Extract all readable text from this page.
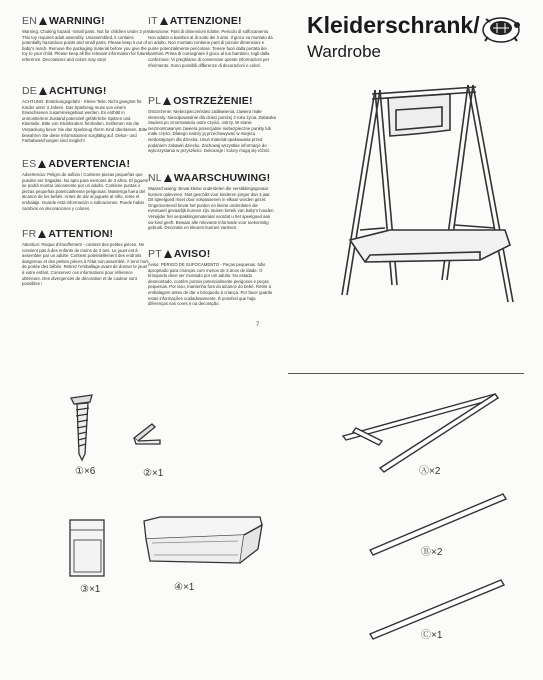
EN WARNING!
Warning: Choking hazard -Small parts. Not for children under 3 yrs. This toy requires adult assembly. Unassembled, it contains potentially hazardous points and small parts. Please keep it out of baby's reach. Remove the packaging material before you give the toy to your child. Please keep all the relevant information for future reference. Decorations and colors may vary!
IT ATTENZIONE!
Attenzione: Parti di dimensioni ridotte. Pericolo di soffocamento. Non adatto a bambini al di sotto dei 3 anni. Il gioco va montato da un adulto. Non montato contiene parti di piccole dimensioni e punte potenzialmente pericolose. Tenere fuori dalla portata dei bambini. Prima di consegnare il gioco al tuo bambino, togli dalla confezione. Vi preghiamo di conservare queste informazioni per riferimento. Sono possibili differenze di decorazioni e colori.
DE ACHTUNG!
ACHTUNG: Erstickungsgefahr - Kleine Teile. Nicht geeignet für Kinder unter 3 Jahren. Das Spielzeug muss von einem Erwachsenen zusammengebaut werden. Es enthält in unmontiertem Zustand potenziell gefährliche Spitzen und Kleinteile. Bitte von Kleinkindern fernhalten. Entfernen Sie die Verpackung bevor Sie das Spielzeug Ihrem Kind überlassen. Bitte bewahren Sie diese Informationen sorgfältig auf. Dekor- und Farbabweichungen sind möglich!
PL OSTRZEŻENIE!
Ostrzeżenie: Niebezpieczeństwo zadławienia, zawiera małe elementy. Nieodpowiednie dla dzieci poniżej 3 roku życia. Zabawka zawiera po zmontowaniu ostre części, ostrzy. W stanie niezmontowanym zawiera potencjalnie niebezpieczne punkty lub małe części. Dlatego należy ją przechowywać w miejscu niedostępnym dla dziecka. Usuń materiał opakowania przed podaniem zabawki dziecku. Zachowaj wszystkie informacje do wykorzystania w przyszłości. Dekoracje i kolory mogą się różnić.
ES ADVERTENCIA!
Advertencia: Peligro de asfixia / Contiene piezas pequeñas que pueden ser tragadas. No apto para menores de 3 años. El juguete se podrá montar únicamente por un adulto. Contiene puntas o piezas pequeñas potencialmente peligrosas. Mantenga fuera del alcance de los bebés. Antes de dar al juguete al niño, retire el embalaje. Guarde esta información o indicaciones. Puede haber cambios en decoraciones y colores.
NL WAARSCHUWING!
Waarschuwing: Bevat kleine onderdelen die verstikkingsgevaar kunnen opleveren. Niet geschikt voor kinderen jonger dan 3 jaar. Dit speelgoed moet door volwassenen in elkaar worden gezet. Ongemonteerd bevat het punten en kleine onderdelen die eventueel gevaarlijk kunnen zijn. Buiten bereik van baby's houden. Verwijder het verpakkingsmateriaal voordat u het speelgoed aan uw kind geeft. Bewaar alle relevante informatie voor toekomstig gebruik. Decoratie en kleuren kunnen variëren.
FR ATTENTION!
Attention: Risque d'étouffement - contient des petites pièces. Ne convient pas à des enfants de moins de 3 ans. Le jouet est à assembler par un adulte. Contient potentiellement des endroits dangereux et des petites pièces à l'état non assemblé. À tenir hors de portée des bébés. Retirez l'emballage avant de donner le jouet à votre enfant. Conservez ces informations pour référence ultérieure. Des divergences de décoration et de couleur sont possibles !
PT AVISO!
Aviso: PERIGO DE SUFOCAMENTO - Peças pequenas. Não apropriado para crianças com menos de 3 anos de idade. O brinquedo deve ser montado por um adulto. No estado desmontado, contém pontos potencialmente perigosos e peças pequenas. Por isso, mantenha fora do alcance do bebé. Retire a embalagem antes de dar o brinquedo à criança. Por favor guarde estas informações cuidadosamente. É possível que haja diferenças nas cores e na decoração.
7
Kleiderschrank/
Wardrobe
①×6	②×1
③×1	④×1
Ⓐ×2
Ⓑ×2
Ⓒ×1
